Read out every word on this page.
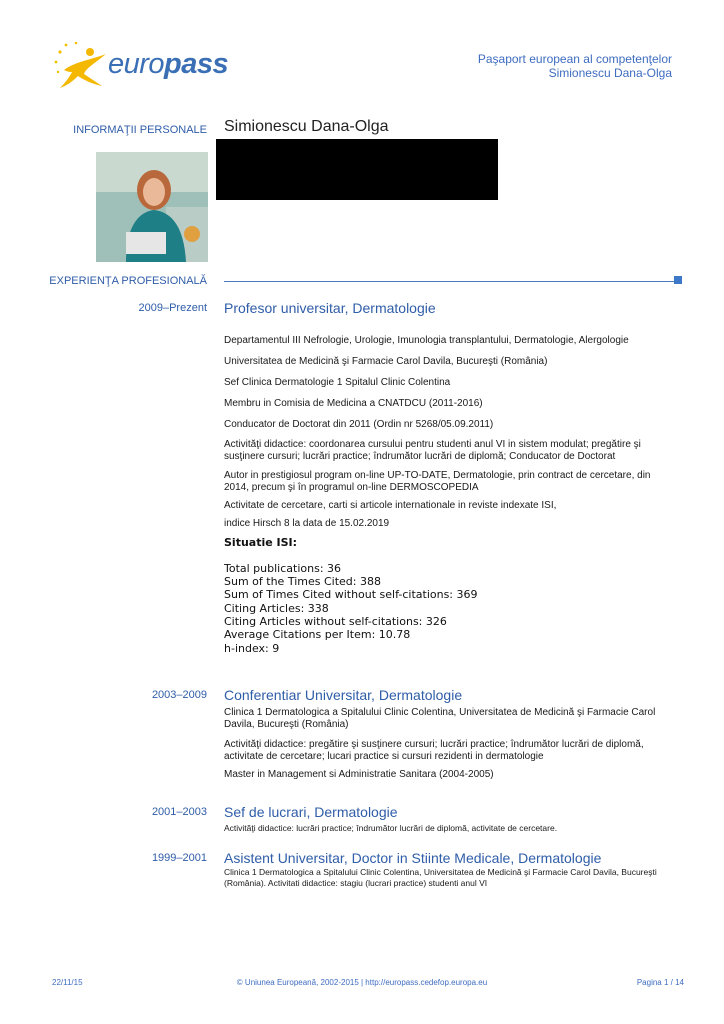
europass	Paşaport european al competenţelor
Simionescu Dana-Olga
INFORMAŢII PERSONALE Simionescu Dana-Olga
EXPERIENŢA PROFESIONALĂ
2009–Prezent Profesor universitar, Dermatologie
Departamentul III Nefrologie, Urologie, Imunologia transplantului, Dermatologie, Alergologie
Universitatea de Medicină şi Farmacie Carol Davila, Bucureşti (România)
Sef Clinica Dermatologie 1 Spitalul Clinic Colentina
Membru in Comisia de Medicina a CNATDCU (2011-2016)
Conducator de Doctorat din 2011 (Ordin nr 5268/05.09.2011)
Activităţi didactice: coordonarea cursului pentru studenti anul VI in sistem modulat; pregătire şi susţinere cursuri; lucrări practice; îndrumător lucrări de diplomă; Conducator de Doctorat
Autor in prestigiosul program on-line UP-TO-DATE, Dermatologie, prin contract de cercetare, din 2014, precum şi în programul on-line DERMOSCOPEDIA
Activitate de cercetare, carti si articole internationale in reviste indexate ISI,
indice Hirsch 8 la data de 15.02.2019
Situatie ISI:
Total publications: 36
Sum of the Times Cited: 388
Sum of Times Cited without self-citations: 369
Citing Articles: 338
Citing Articles without self-citations: 326
Average Citations per Item: 10.78
h-index: 9
2003–2009 Conferentiar Universitar, Dermatologie
Clinica 1 Dermatologica a Spitalului Clinic Colentina, Universitatea de Medicină şi Farmacie Carol Davila, Bucureşti (România)
Activităţi didactice: pregătire şi susţinere cursuri; lucrări practice; îndrumător lucrări de diplomă, activitate de cercetare; lucari practice si cursuri rezidenti in dermatologie
Master in Management si Administratie Sanitara (2004-2005)
2001–2003 Sef de lucrari, Dermatologie
Activităţi didactice: lucrări practice; îndrumător lucrări de diplomă, activitate de cercetare.
1999–2001 Asistent Universitar, Doctor in Stiinte Medicale, Dermatologie
Clinica 1 Dermatologica a Spitalului Clinic Colentina, Universitatea de Medicină şi Farmacie Carol Davila, Bucureşti (România). Activitati didactice: stagiu (lucrari practice) studenti anul VI
22/11/15	© Uniunea Europeană, 2002-2015 | http://europass.cedefop.europa.eu	Pagina 1 / 14
